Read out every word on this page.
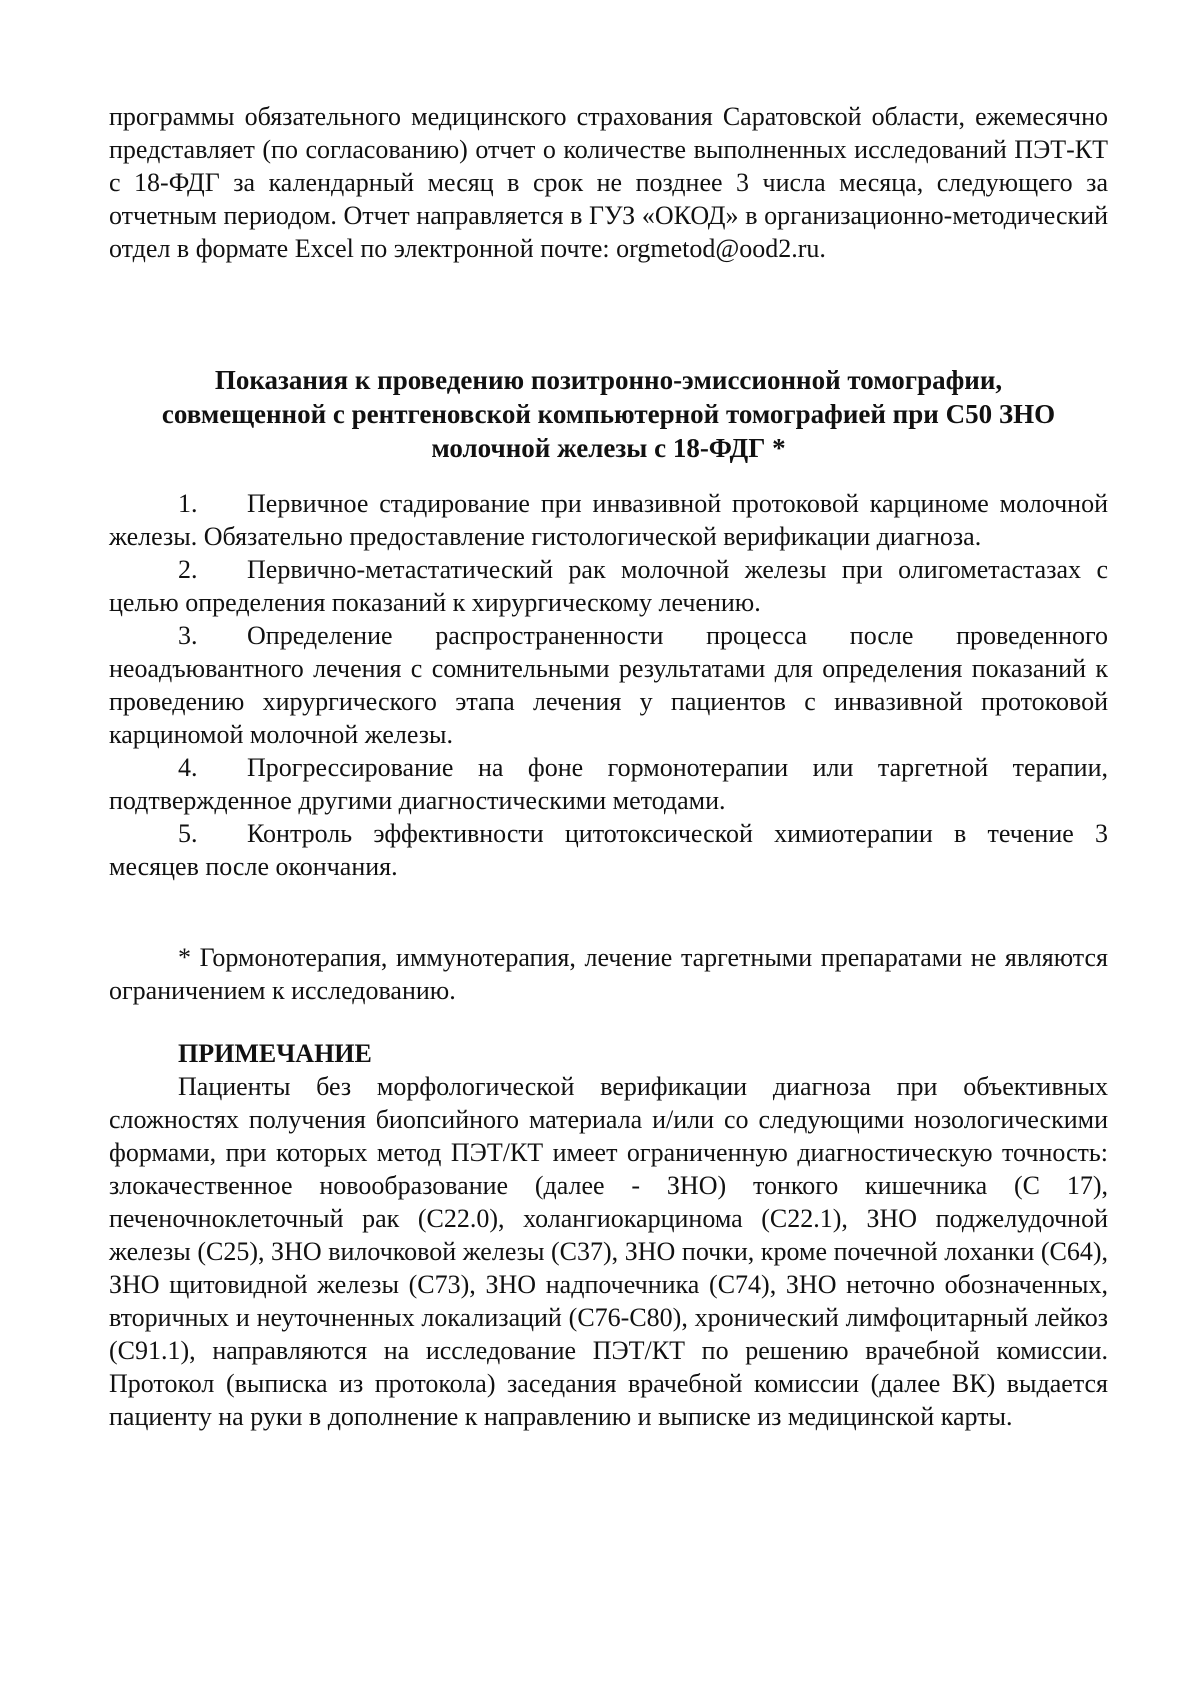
программы обязательного медицинского страхования Саратовской области, ежемесячно представляет (по согласованию) отчет о количестве выполненных исследований ПЭТ-КТ с 18-ФДГ за календарный месяц в срок не позднее 3 числа месяца, следующего за отчетным периодом. Отчет направляется в ГУЗ «ОКОД» в организационно-методический отдел в формате Excel по электронной почте: orgmetod@ood2.ru.
Показания к проведению позитронно-эмиссионной томографии,
совмещенной с рентгеновской компьютерной томографией при С50 ЗНО
молочной железы с 18-ФДГ *

1. Первичное стадирование при инвазивной протоковой карциноме молочной железы. Обязательно предоставление гистологической верификации диагноза.

2. Первично-метастатический рак молочной железы при олигометастазах с целью определения показаний к хирургическому лечению.

3. Определение распространенности процесса после проведенного неоадъювантного лечения с сомнительными результатами для определения показаний к проведению хирургического этапа лечения у пациентов с инвазивной протоковой карциномой молочной железы.

4. Прогрессирование на фоне гормонотерапии или таргетной терапии, подтвержденное другими диагностическими методами.

5. Контроль эффективности цитотоксической химиотерапии в течение 3 месяцев после окончания.

* Гормонотерапия, иммунотерапия, лечение таргетными препаратами не являются ограничением к исследованию.

ПРИМЕЧАНИЕ

Пациенты без морфологической верификации диагноза при объективных сложностях получения биопсийного материала и/или со следующими нозологическими формами, при которых метод ПЭТ/КТ имеет ограниченную диагностическую точность: злокачественное новообразование (далее - ЗНО) тонкого кишечника (С 17), печеночноклеточный рак (С22.0), холангиокарцинома (С22.1), ЗНО поджелудочной железы (С25), ЗНО вилочковой железы (С37), ЗНО почки, кроме почечной лоханки (С64), ЗНО щитовидной железы (С73), ЗНО надпочечника (С74), ЗНО неточно обозначенных, вторичных и неуточненных локализаций (С76-С80), хронический лимфоцитарный лейкоз (С91.1), направляются на исследование ПЭТ/КТ по решению врачебной комиссии. Протокол (выписка из протокола) заседания врачебной комиссии (далее ВК) выдается пациенту на руки в дополнение к направлению и выписке из медицинской карты.
